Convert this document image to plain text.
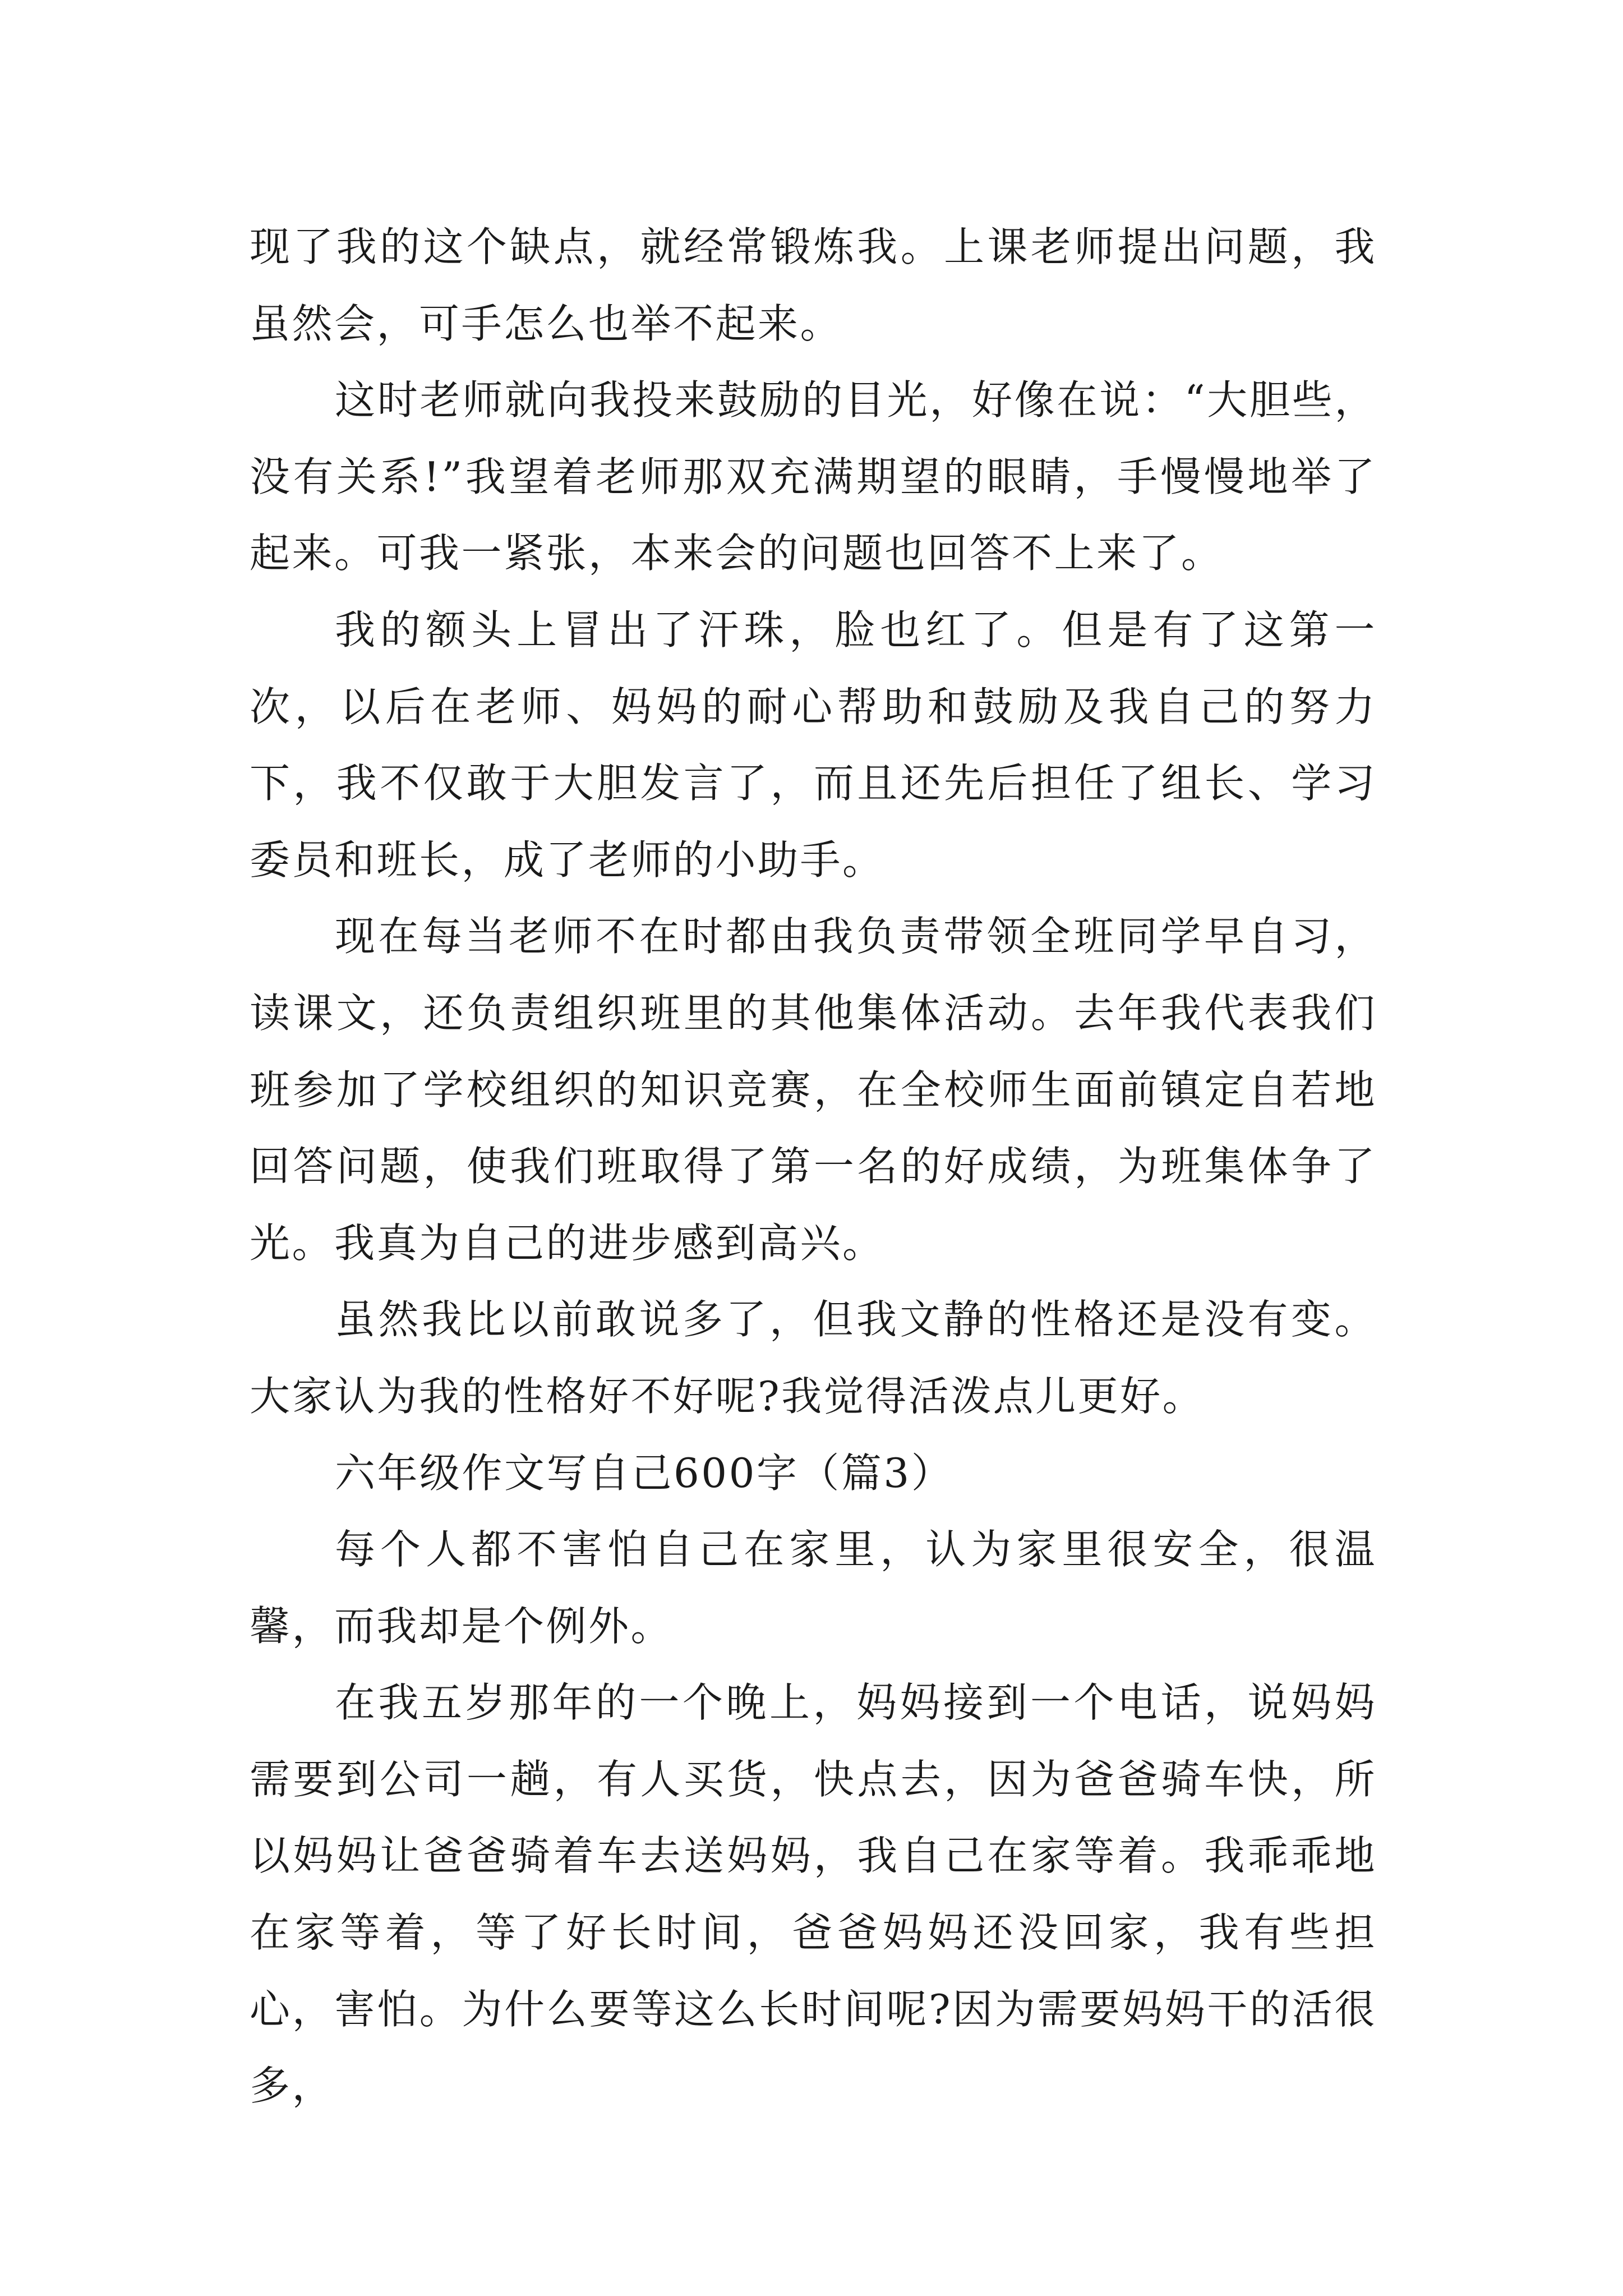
现了我的这个缺点，就经常锻炼我。上课老师提出问题，我虽然会，可手怎么也举不起来。

这时老师就向我投来鼓励的目光，好像在说：“大胆些，没有关系!”我望着老师那双充满期望的眼睛，手慢慢地举了起来。可我一紧张，本来会的问题也回答不上来了。

我的额头上冒出了汗珠，脸也红了。但是有了这第一次，以后在老师、妈妈的耐心帮助和鼓励及我自己的努力下，我不仅敢于大胆发言了，而且还先后担任了组长、学习委员和班长，成了老师的小助手。

现在每当老师不在时都由我负责带领全班同学早自习，读课文，还负责组织班里的其他集体活动。去年我代表我们班参加了学校组织的知识竞赛，在全校师生面前镇定自若地回答问题，使我们班取得了第一名的好成绩，为班集体争了光。我真为自己的进步感到高兴。

虽然我比以前敢说多了，但我文静的性格还是没有变。大家认为我的性格好不好呢?我觉得活泼点儿更好。

六年级作文写自己600字（篇3）

每个人都不害怕自己在家里，认为家里很安全，很温馨，而我却是个例外。

在我五岁那年的一个晚上，妈妈接到一个电话，说妈妈需要到公司一趟，有人买货，快点去，因为爸爸骑车快，所以妈妈让爸爸骑着车去送妈妈，我自己在家等着。我乖乖地在家等着，等了好长时间，爸爸妈妈还没回家，我有些担心，害怕。为什么要等这么长时间呢?因为需要妈妈干的活很多，
